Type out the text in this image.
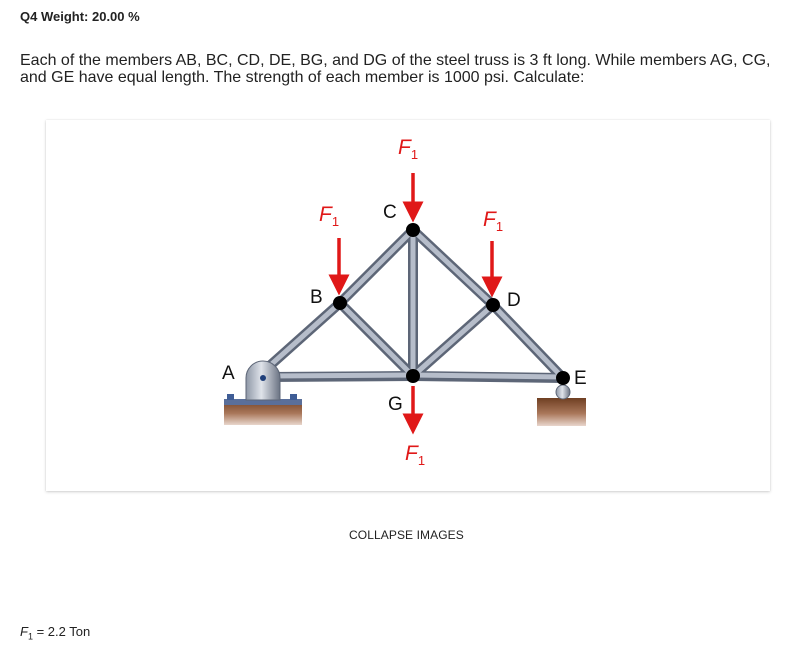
Q4 Weight: 20.00 %
Each of the members AB, BC, CD, DE, BG, and DG of the steel truss is 3 ft long. While members AG, CG, and GE have equal length. The strength of each member is 1000 psi. Calculate:
$F_1$
$F_1$	$F_1$
$F_1$
A
B
C
D
E
G
COLLAPSE IMAGES
$F_1 = 2.2$ Ton
